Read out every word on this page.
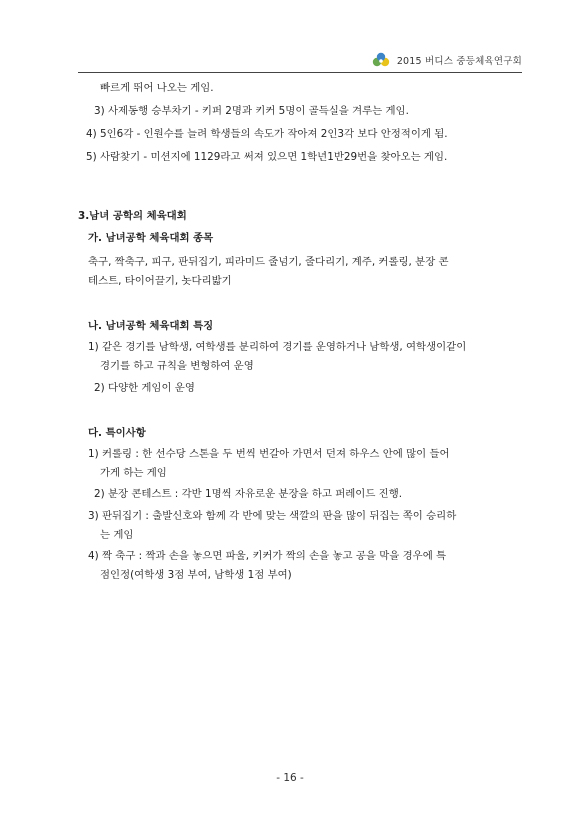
2015 버디스 중등체육연구회
빠르게 뛰어 나오는 게임.
3) 사제동행 승부차기 - 키퍼 2명과 키커 5명이 골득실을 겨루는 게임.
4) 5인6각 - 인원수를 늘려 학생들의 속도가 작아져 2인3각 보다 안정적이게 됨.
5) 사람찾기 - 미션지에 1129라고 써져 있으면 1학년1반29번을 찾아오는 게임.
3.남녀 공학의 체육대회
가. 남녀공학 체육대회 종목
축구, 짝축구, 피구, 판뒤집기, 피라미드 줄넘기, 줄다리기, 계주, 커롤링, 분장 콘
테스트, 타이어끌기, 놋다리밟기
나. 남녀공학 체육대회 특징
1) 같은 경기를 남학생, 여학생를 분리하여 경기를 운영하거나 남학생, 여학생이같이
경기를 하고 규칙을 변형하여 운영
2) 다양한 게임이 운영
다. 특이사항
1) 커롤링 : 한 선수당 스톤을 두 번씩 번갈아 가면서 던져 하우스 안에 많이 들어
가게 하는 게임
2) 분장 콘테스트 : 각반 1명씩 자유로운 분장을 하고 퍼레이드 진행.
3) 판뒤집기 : 출발신호와 함께 각 반에 맞는 색깔의 판을 많이 뒤집는 쪽이 승리하
는 게임
4) 짝 축구 : 짝과 손을 놓으면 파울, 키커가 짝의 손을 놓고 공을 막을 경우에 특
점인정(여학생 3점 부여, 남학생 1점 부여)
- 16 -
